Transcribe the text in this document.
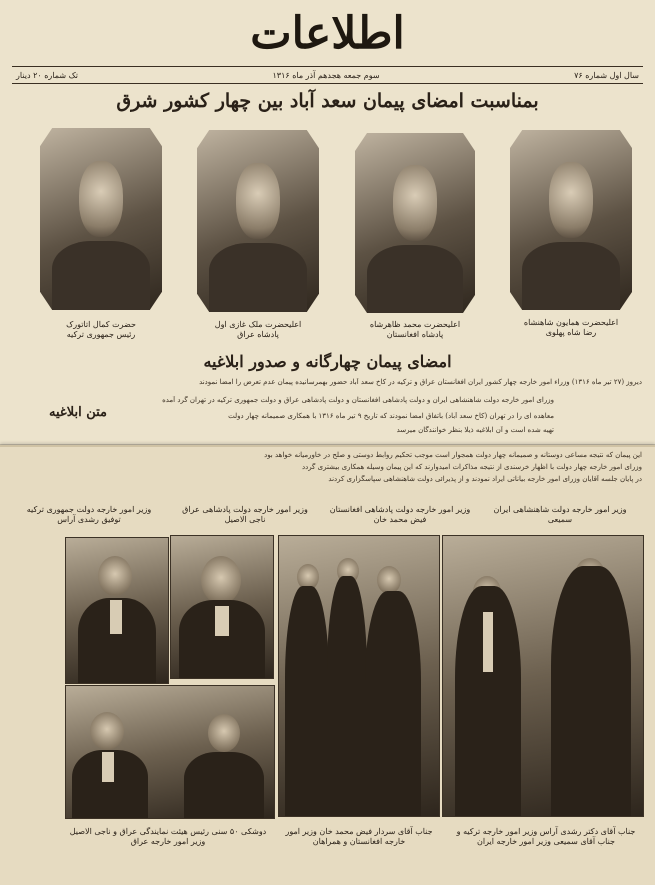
اطلاعات
سال اول شماره ۷۶
سوم جمعه هجدهم آذر ماه ۱۳۱۶
تک شماره ۲۰ دینار
بمناسبت امضای پیمان سعد آباد بین چهار کشور شرق
اعلیحضرت همایون شاهنشاه
رضا شاه پهلوی
اعلیحضرت محمد ظاهرشاه
پادشاه افغانستان
اعلیحضرت ملک غازی اول
پادشاه عراق
حضرت کمال اتاتورک
رئیس جمهوری ترکیه
امضای پیمان چهارگانه و صدور ابلاغیه
دیروز (۲۷ تیر ماه ۱۳۱۶) وزراء امور خارجه چهار کشور ایران افغانستان عراق و ترکیه در کاخ سعد آباد حضور بهمرسانیده پیمان عدم تعرض را امضا نمودند
وزرای امور خارجه دولت شاهنشاهی ایران و دولت پادشاهی افغانستان و دولت پادشاهی عراق و دولت جمهوری ترکیه در تهران گرد آمده
متن ابلاغیه	معاهده ای را در تهران (کاخ سعد آباد) باتفاق امضا نمودند که تاریخ ۹ تیر ماه ۱۳۱۶ با همکاری صمیمانه چهار دولت
تهیه شده است و آن ابلاغیه ذیلا بنظر خوانندگان میرسد
این پیمان که نتیجه مساعی دوستانه و صمیمانه چهار دولت همجوار است موجب تحکیم روابط دوستی و صلح در خاورمیانه خواهد بود
وزرای امور خارجه چهار دولت با اظهار خرسندی از نتیجه مذاکرات امیدوارند که این پیمان وسیله همکاری بیشتری گردد
در پایان جلسه آقایان وزرای امور خارجه بیاناتی ایراد نمودند و از پذیرائی دولت شاهنشاهی سپاسگزاری کردند
وزیر امور خارجه دولت شاهنشاهی ایران
سمیعی
وزیر امور خارجه دولت پادشاهی افغانستان
فیض محمد خان
وزیر امور خارجه دولت پادشاهی عراق
ناجی الاصیل
وزیر امور خارجه دولت جمهوری ترکیه
توفیق رشدی آراس
جناب آقای دکتر رشدی آراس وزیر امور خارجه ترکیه و جناب آقای سمیعی وزیر امور خارجه ایران
جناب آقای سردار فیض محمد خان وزیر امور خارجه افغانستان و همراهان
دوشکی ۵۰ سنی رئیس هیئت نمایندگی عراق و ناجی الاصیل وزیر امور خارجه عراق
